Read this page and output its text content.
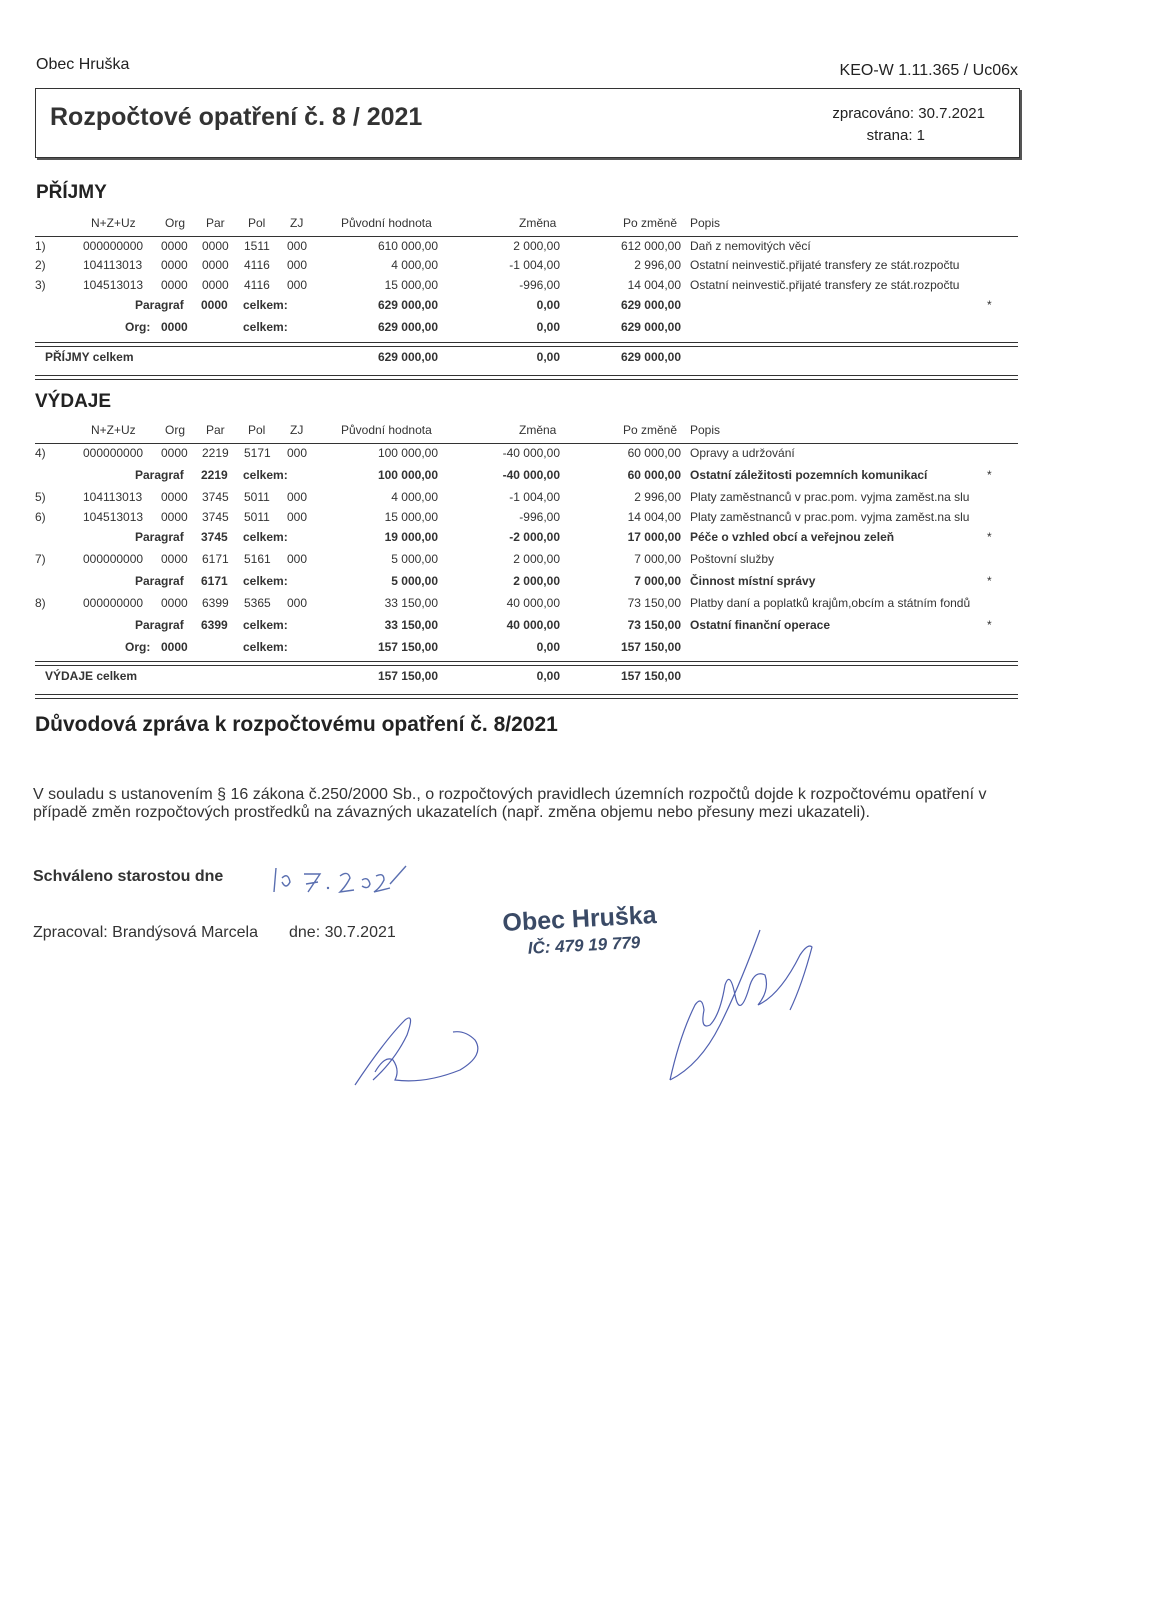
Obec Hruška	KEO-W 1.11.365 / Uc06x
Rozpočtové opatření č. 8 / 2021	zpracováno: 30.7.2021
strana: 1
PŘÍJMY
N+Z+Uz Org Par Pol ZJ	Původní hodnota	Změna	Po změně Popis
1)	000000000 0000 0000 1511 000	610 000,00	2 000,00	612 000,00 Daň z nemovitých věcí
2)	104113013 0000 0000 4116 000	4 000,00	-1 004,00	2 996,00 Ostatní neinvestič.přijaté transfery ze stát.rozpočtu
3)	104513013 0000 0000 4116 000	15 000,00	-996,00	14 004,00 Ostatní neinvestič.přijaté transfery ze stát.rozpočtu
Paragraf 0000 celkem:	629 000,00	0,00	629 000,00	*
Org: 0000	celkem:	629 000,00	0,00	629 000,00
PŘÍJMY celkem	629 000,00	0,00	629 000,00
VÝDAJE
N+Z+Uz Org Par Pol ZJ	Původní hodnota	Změna	Po změně Popis
4)	000000000 0000 2219 5171 000	100 000,00	-40 000,00	60 000,00 Opravy a udržování
Paragraf 2219 celkem:	100 000,00	-40 000,00	60 000,00 Ostatní záležitosti pozemních komunikací	*
5)	104113013 0000 3745 5011 000	4 000,00	-1 004,00	2 996,00 Platy zaměstnanců v prac.pom. vyjma zaměst.na slu
6)	104513013 0000 3745 5011 000	15 000,00	-996,00	14 004,00 Platy zaměstnanců v prac.pom. vyjma zaměst.na slu
Paragraf 3745 celkem:	19 000,00	-2 000,00	17 000,00 Péče o vzhled obcí a veřejnou zeleň	*
7)	000000000 0000 6171 5161 000	5 000,00	2 000,00	7 000,00 Poštovní služby
Paragraf 6171 celkem:	5 000,00	2 000,00	7 000,00 Činnost místní správy	*
8)	000000000 0000 6399 5365 000	33 150,00	40 000,00	73 150,00 Platby daní a poplatků krajům,obcím a státním fondů
Paragraf 6399 celkem:	33 150,00	40 000,00	73 150,00 Ostatní finanční operace	*
Org: 0000	celkem:	157 150,00	0,00	157 150,00
VÝDAJE celkem	157 150,00	0,00	157 150,00
Důvodová zpráva k rozpočtovému opatření č. 8/2021
V souladu s ustanovením § 16 zákona č.250/2000 Sb., o rozpočtových pravidlech územních rozpočtů dojde k rozpočtovému opatření v případě změn rozpočtových prostředků na závazných ukazatelích (např. změna objemu nebo přesuny mezi ukazateli).
Schváleno starostou dne
Zpracoval: Brandýsová Marcela dne: 30.7.2021	Obec Hruška
IČ: 479 19 779
